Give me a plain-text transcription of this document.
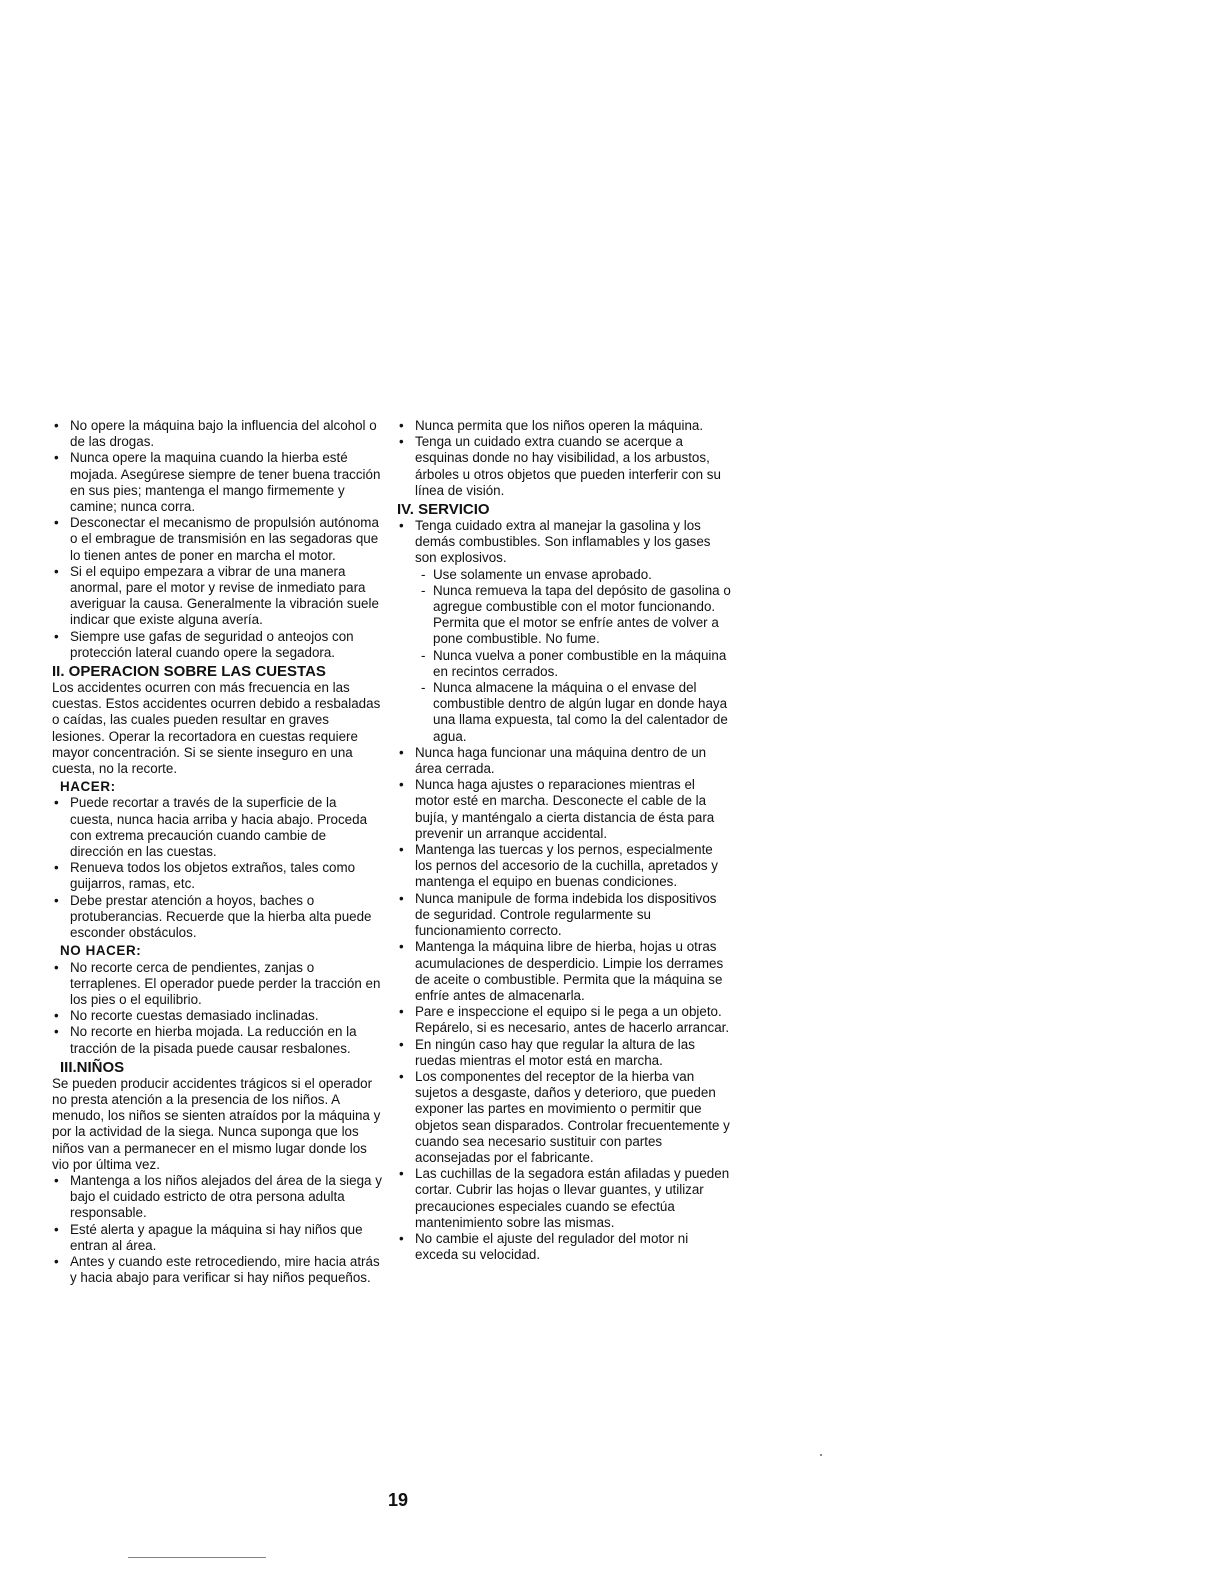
• No opere la máquina bajo la influencia del alcohol o de las drogas.

• Nunca opere la maquina cuando la hierba esté mojada. Asegúrese siempre de tener buena tracción en sus pies; mantenga el mango firmemente y camine; nunca corra.

• Desconectar el mecanismo de propulsión autónoma o el embrague de transmisión en las segadoras que lo tienen antes de poner en marcha el motor.

• Si el equipo empezara a vibrar de una manera anormal, pare el motor y revise de inmediato para averiguar la causa. Generalmente la vibración suele indicar que existe alguna avería.

• Siempre use gafas de seguridad o anteojos con protección lateral cuando opere la segadora.

II. OPERACION SOBRE LAS CUESTAS

Los accidentes ocurren con más frecuencia en las cuestas. Estos accidentes ocurren debido a resbaladas o caídas, las cuales pueden resultar en graves lesiones. Operar la recortadora en cuestas requiere mayor concentración. Si se siente inseguro en una cuesta, no la recorte.

HACER:

• Puede recortar a través de la superficie de la cuesta, nunca hacia arriba y hacia abajo. Proceda con extrema precaución cuando cambie de dirección en las cuestas.

• Renueva todos los objetos extraños, tales como guijarros, ramas, etc.

• Debe prestar atención a hoyos, baches o protuberancias. Recuerde que la hierba alta puede esconder obstáculos.

NO HACER:

• No recorte cerca de pendientes, zanjas o terraplenes. El operador puede perder la tracción en los pies o el equilibrio.

• No recorte cuestas demasiado inclinadas.

• No recorte en hierba mojada. La reducción en la tracción de la pisada puede causar resbalones.

III.NIÑOS

Se pueden producir accidentes trágicos si el operador no presta atención a la presencia de los niños. A menudo, los niños se sienten atraídos por la máquina y por la actividad de la siega. Nunca suponga que los niños van a permanecer en el mismo lugar donde los vio por última vez.

• Mantenga a los niños alejados del área de la siega y bajo el cuidado estricto de otra persona adulta responsable.

• Esté alerta y apague la máquina si hay niños que entran al área.

• Antes y cuando este retrocediendo, mire hacia atrás y hacia abajo para verificar si hay niños pequeños.

• Nunca permita que los niños operen la máquina.

• Tenga un cuidado extra cuando se acerque a esquinas donde no hay visibilidad, a los arbustos, árboles u otros objetos que pueden interferir con su línea de visión.

IV. SERVICIO

• Tenga cuidado extra al manejar la gasolina y los demás combustibles. Son inflamables y los gases son explosivos.

- Use solamente un envase aprobado.

- Nunca remueva la tapa del depósito de gasolina o agregue combustible con el motor funcionando. Permita que el motor se enfríe antes de volver a pone combustible. No fume.

- Nunca vuelva a poner combustible en la máquina en recintos cerrados.

- Nunca almacene la máquina o el envase del combustible dentro de algún lugar en donde haya una llama expuesta, tal como la del calentador de agua.

• Nunca haga funcionar una máquina dentro de un área cerrada.

• Nunca haga ajustes o reparaciones mientras el motor esté en marcha. Desconecte el cable de la bujía, y manténgalo a cierta distancia de ésta para prevenir un arranque accidental.

• Mantenga las tuercas y los pernos, especialmente los pernos del accesorio de la cuchilla, apretados y mantenga el equipo en buenas condiciones.

• Nunca manipule de forma indebida los dispositivos de seguridad. Controle regularmente su funcionamiento correcto.

• Mantenga la máquina libre de hierba, hojas u otras acumulaciones de desperdicio. Limpie los derrames de aceite o combustible. Permita que la máquina se enfríe antes de almacenarla.

• Pare e inspeccione el equipo si le pega a un objeto. Repárelo, si es necesario, antes de hacerlo arrancar.

• En ningún caso hay que regular la altura de las ruedas mientras el motor está en marcha.

• Los componentes del receptor de la hierba van sujetos a desgaste, daños y deterioro, que pueden exponer las partes en movimiento o permitir que objetos sean disparados. Controlar frecuentemente y cuando sea necesario sustituir con partes aconsejadas por el fabricante.

• Las cuchillas de la segadora están afiladas y pueden cortar. Cubrir las hojas o llevar guantes, y utilizar precauciones especiales cuando se efectúa mantenimiento sobre las mismas.

• No cambie el ajuste del regulador del motor ni exceda su velocidad.

19
